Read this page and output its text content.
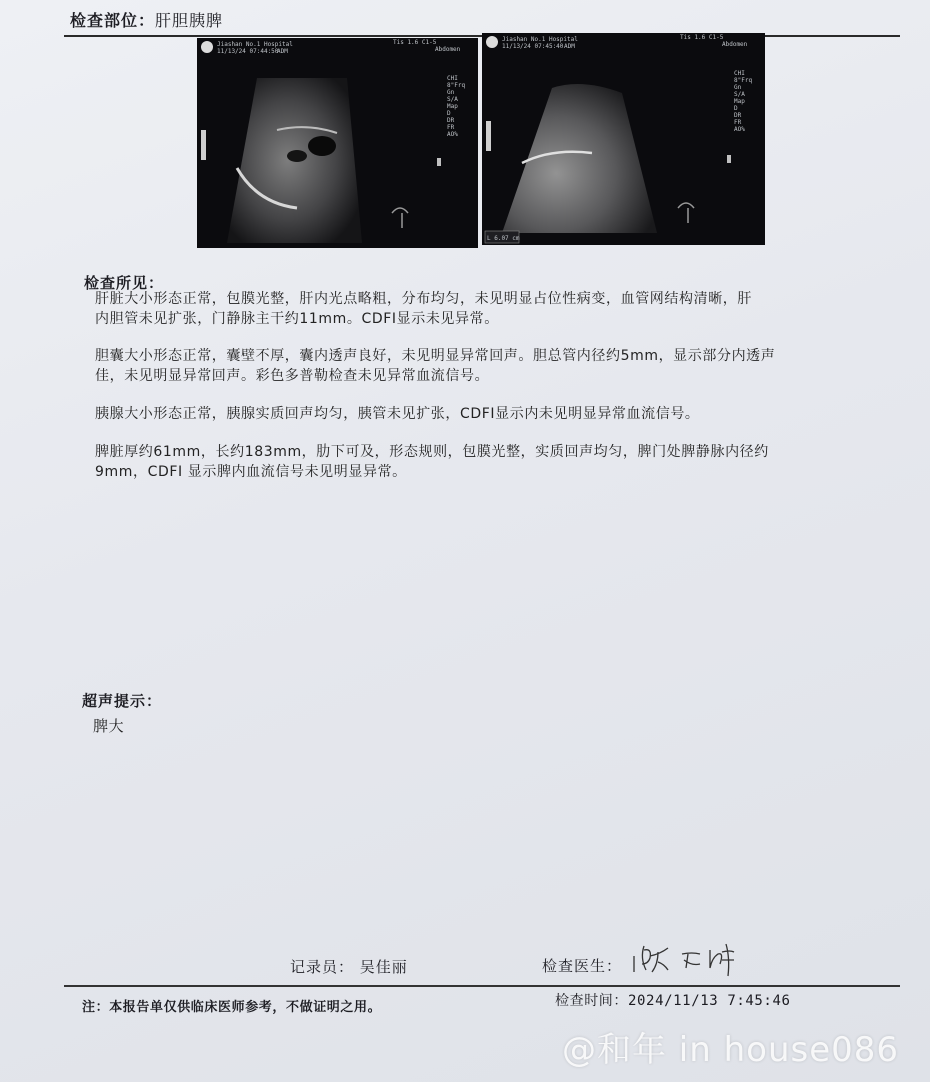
检查部位：肝胆胰脾
Jiashan No.1 Hospital
11/13/24 07:44:50
ADM
Tis 1.6 C1-5
Abdomen
CHI
8"Frq
Gn
S/A
Map
D
DR
FR
AO%
Jiashan No.1 Hospital
11/13/24 07:45:40 ADM
Tis 1.6 C1-5
Abdomen
CHI
8"Frq
Gn
S/A
Map
D
DR
FR
AO%
L 6.07 cm
检查所见：
肝脏大小形态正常，包膜光整，肝内光点略粗，分布均匀，未见明显占位性病变，血管网结构清晰，肝
内胆管未见扩张，门静脉主干约11mm。CDFI显示未见异常。
胆囊大小形态正常，囊壁不厚，囊内透声良好，未见明显异常回声。胆总管内径约5mm，显示部分内透声
佳，未见明显异常回声。彩色多普勒检查未见异常血流信号。
胰腺大小形态正常，胰腺实质回声均匀，胰管未见扩张，CDFI显示内未见明显异常血流信号。
脾脏厚约61mm，长约183mm，肋下可及，形态规则，包膜光整，实质回声均匀，脾门处脾静脉内径约
9mm，CDFI 显示脾内血流信号未见明显异常。
超声提示：
脾大
记录员： 吴佳丽	检查医生：
注：本报告单仅供临床医师参考，不做证明之用。	检查时间：2024/11/13 7:45:46
@和年 in house086
